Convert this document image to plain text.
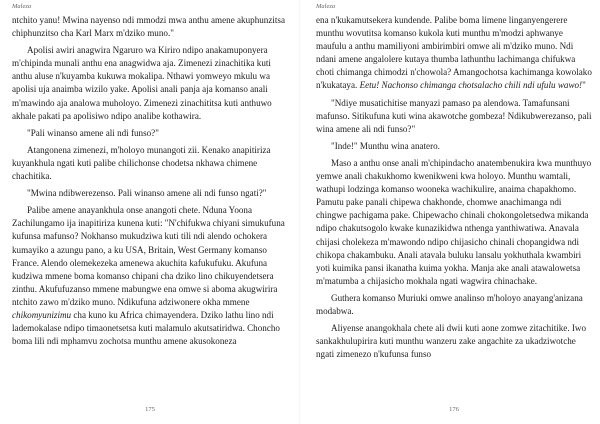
Maleza

ntchito yanu! Mwina nayenso ndi mmodzi mwa anthu amene akuphunzitsa chiphunzitso cha Karl Marx m'dziko muno."

Apolisi awiri anagwira Ngaruro wa Kiriro ndipo anakamuponyera m'chipinda munali anthu ena anagwidwa aja. Zimenezi zinachitika kuti anthu aluse n'kuyamba kukuwa mokalipa. Nthawi yomweyo mkulu wa apolisi uja anaimba wizilo yake. Apolisi anali panja aja komanso anali m'mawindo aja analowa muholoyo. Zimenezi zinachititsa kuti anthuwo akhale pakati pa apolisiwo ndipo analibe kothawira.

"Pali winanso amene ali ndi funso?"

Atangonena zimenezi, m'holoyo munangoti zii. Kenako anapitiriza kuyankhula ngati kuti palibe chilichonse chodetsa nkhawa chimene chachitika.

"Mwina ndibwerezenso. Pali winanso amene ali ndi funso ngati?"

Palibe amene anayankhula onse anangoti chete. Nduna Yoona Zachilungamo ija inapitiriza kunena kuti: "N'chifukwa chiyani simukufuna kufunsa mafunso? Nokhanso mukudziwa kuti tili ndi alendo ochokera kumayiko a azungu pano, a ku USA, Britain, West Germany komanso France. Alendo olemekezeka amenewa akuchita kafukufuku. Akufuna kudziwa mmene boma komanso chipani cha dziko lino chikuyendetsera zinthu. Akufufuzanso mmene mabungwe ena omwe si aboma akugwirira ntchito zawo m'dziko muno. Ndikufuna adziwonere okha mmene chikomyunizimu cha kuno ku Africa chimayendera. Dziko lathu lino ndi lademokalase ndipo timaonetsetsa kuti malamulo akutsatiridwa. Choncho boma lili ndi mphamvu zochotsa munthu amene akusokoneza

175
Maleza

ena n'kukamutsekera kundende. Palibe boma limene linganyengerere munthu wovutitsa komanso kukola kuti munthu m'modzi aphwanye maufulu a anthu mamiliyoni ambirimbiri omwe ali m'dziko muno. Ndi ndani amene angalolere kutaya thumba lathunthu lachimanga chifukwa choti chimanga chimodzi n'chowola? Amangochotsa kachimanga kowolako n'kukataya. Eetu! Nachonso chimanga chotsalacho chili ndi ufulu wawo!"

"Ndiye musatichitise manyazi pamaso pa alendowa. Tamafunsani mafunso. Sitikufuna kuti wina akawotche gombeza! Ndikubwerezanso, pali wina amene ali ndi funso?"

"Inde!" Munthu wina anatero.

Maso a anthu onse anali m'chipindacho anatembenukira kwa munthuyo yemwe anali chakukhomo kwenikweni kwa holoyo. Munthu wamtali, wathupi lodzinga komanso wooneka wachikulire, anaima chapakhomo. Pamutu pake panali chipewa chakhonde, chomwe anachimanga ndi chingwe pachigama pake. Chipewacho chinali chokongoletsedwa mikanda ndipo chakutsogolo kwake kunazikidwa nthenga yanthiwatiwa. Anavala chijasi cholekeza m'mawondo ndipo chijasicho chinali chopangidwa ndi chikopa chakambuku. Anali atavala buluku lansalu yokhuthala kwambiri yoti kuimika pansi ikanatha kuima yokha. Manja ake anali atawalowetsa m'matumba a chijasicho mokhala ngati wagwira chinachake.

Guthera komanso Muriuki omwe analinso m'holoyo anayang'anizana modabwa.

Aliyense anangokhala chete ali dwii kuti aone zomwe zitachitike. Iwo sankakhulupirira kuti munthu wanzeru zake angachite za ukadziwotche ngati zimenezo n'kufunsa funso

176
